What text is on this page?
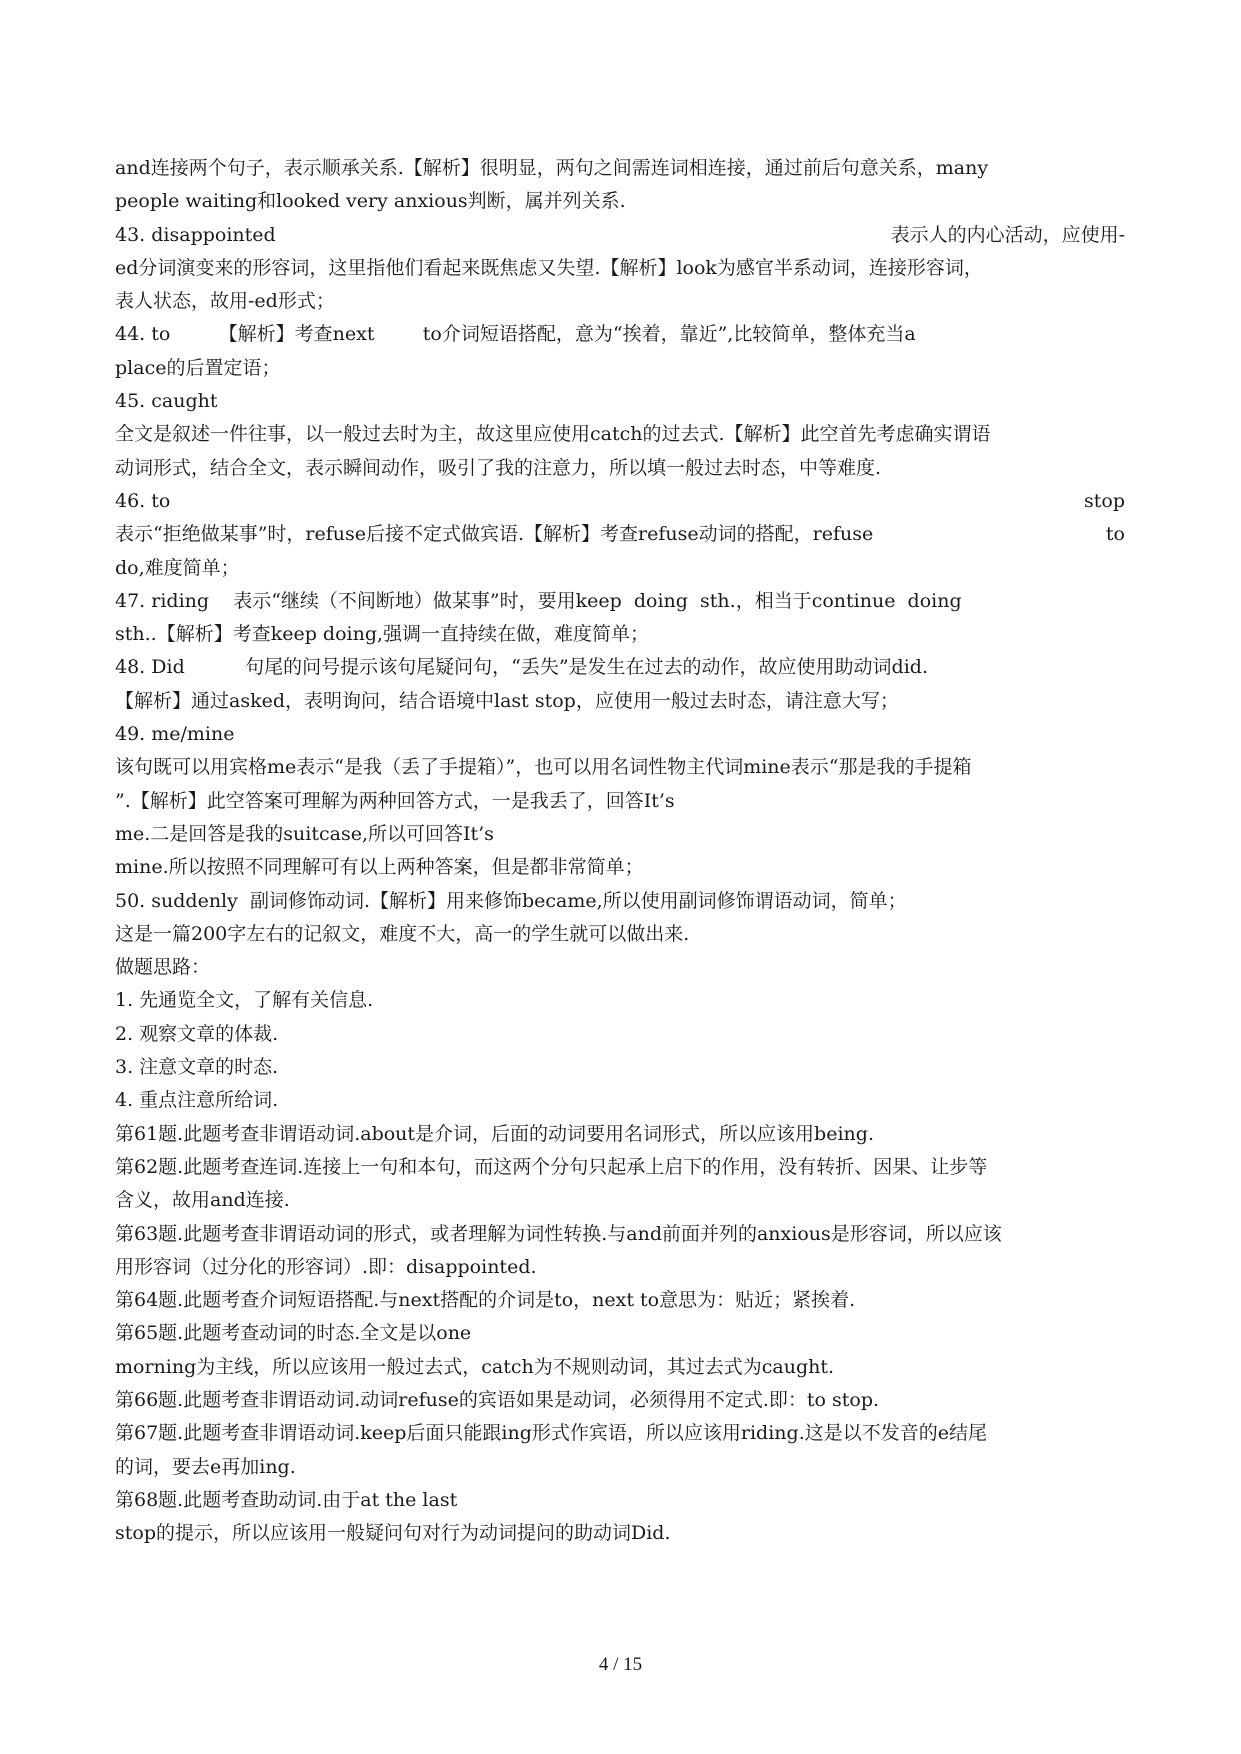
and连接两个句子，表示顺承关系.【解析】很明显，两句之间需连词相连接，通过前后句意关系，many
people waiting和looked very anxious判断，属并列关系.
43. disappointed	表示人的内心活动，应使用-
ed分词演变来的形容词，这里指他们看起来既焦虑又失望.【解析】look为感官半系动词，连接形容词，
表人状态，故用-ed形式；
44. to        【解析】考查next        to介词短语搭配，意为“挨着，靠近”,比较简单，整体充当a
place的后置定语；
45. caught
全文是叙述一件往事，以一般过去时为主，故这里应使用catch的过去式.【解析】此空首先考虑确实谓语
动词形式，结合全文，表示瞬间动作，吸引了我的注意力，所以填一般过去时态，中等难度.
46. to	stop
表示“拒绝做某事”时，refuse后接不定式做宾语.【解析】考查refuse动词的搭配，refuse	to
do,难度简单；
47. riding    表示“继续（不间断地）做某事”时，要用keep  doing  sth.，相当于continue  doing
sth..【解析】考查keep doing,强调一直持续在做，难度简单；
48. Did          句尾的问号提示该句尾疑问句，“丢失”是发生在过去的动作，故应使用助动词did.
【解析】通过asked，表明询问，结合语境中last stop，应使用一般过去时态，请注意大写；
49. me/mine
该句既可以用宾格me表示“是我（丢了手提箱）”，也可以用名词性物主代词mine表示“那是我的手提箱
”.【解析】此空答案可理解为两种回答方式，一是我丢了，回答It’s
me.二是回答是我的suitcase,所以可回答It’s
mine.所以按照不同理解可有以上两种答案，但是都非常简单；
50. suddenly  副词修饰动词.【解析】用来修饰became,所以使用副词修饰谓语动词，简单；
这是一篇200字左右的记叙文，难度不大，高一的学生就可以做出来.
做题思路：
1. 先通览全文，了解有关信息.
2. 观察文章的体裁.
3. 注意文章的时态.
4. 重点注意所给词.
第61题.此题考查非谓语动词.about是介词，后面的动词要用名词形式，所以应该用being.
第62题.此题考查连词.连接上一句和本句，而这两个分句只起承上启下的作用，没有转折、因果、让步等
含义，故用and连接.
第63题.此题考查非谓语动词的形式，或者理解为词性转换.与and前面并列的anxious是形容词，所以应该
用形容词（过分化的形容词）.即：disappointed.
第64题.此题考查介词短语搭配.与next搭配的介词是to，next to意思为：贴近；紧挨着.
第65题.此题考查动词的时态.全文是以one
morning为主线，所以应该用一般过去式，catch为不规则动词，其过去式为caught.
第66题.此题考查非谓语动词.动词refuse的宾语如果是动词，必须得用不定式.即：to stop.
第67题.此题考查非谓语动词.keep后面只能跟ing形式作宾语，所以应该用riding.这是以不发音的e结尾
的词，要去e再加ing.
第68题.此题考查助动词.由于at the last
stop的提示，所以应该用一般疑问句对行为动词提问的助动词Did.
4 / 15
